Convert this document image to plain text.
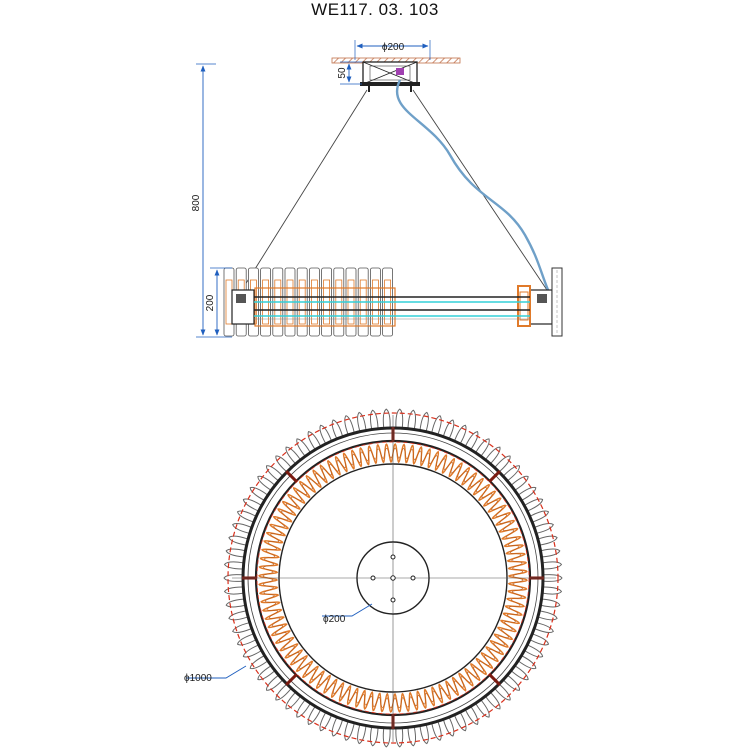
WE117. 03. 103
800
200
ϕ200
50
ϕ200
ϕ1000
